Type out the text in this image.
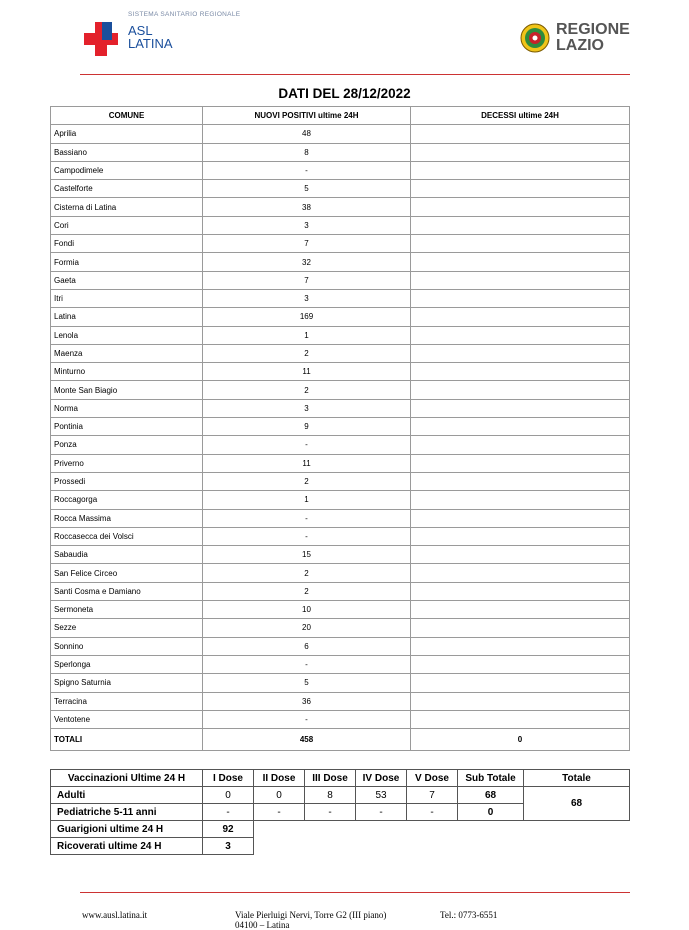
SISTEMA SANITARIO REGIONALE
ASL
LATINA
REGIONE
LAZIO
DATI DEL 28/12/2022
COMUNE	NUOVI POSITIVI ultime 24H	DECESSI ultime 24H
Aprilia	48	
Bassiano	8	
Campodimele	-	
Castelforte	5	
Cisterna di Latina	38	
Cori	3	
Fondi	7	
Formia	32	
Gaeta	7	
Itri	3	
Latina	169	
Lenola	1	
Maenza	2	
Minturno	11	
Monte San Biagio	2	
Norma	3	
Pontinia	9	
Ponza	-	
Priverno	11	
Prossedi	2	
Roccagorga	1	
Rocca Massima	-	
Roccasecca dei Volsci	-	
Sabaudia	15	
San Felice Circeo	2	
Santi Cosma e Damiano	2	
Sermoneta	10	
Sezze	20	
Sonnino	6	
Sperlonga	-	
Spigno Saturnia	5	
Terracina	36	
Ventotene	-	
TOTALI	458	0
Vaccinazioni Ultime 24 H	I Dose	II Dose	III Dose	IV Dose	V Dose	Sub Totale	Totale
Adulti	0	0	8	53	7	68	68
Pediatriche 5-11 anni	-	-	-	-	-	0	
Guarigioni ultime 24 H	92						
Ricoverati ultime 24 H	3						
www.ausl.latina.it	Viale Pierluigi Nervi, Torre G2 (III piano)
04100 – Latina
Tel.: 0773-6551
